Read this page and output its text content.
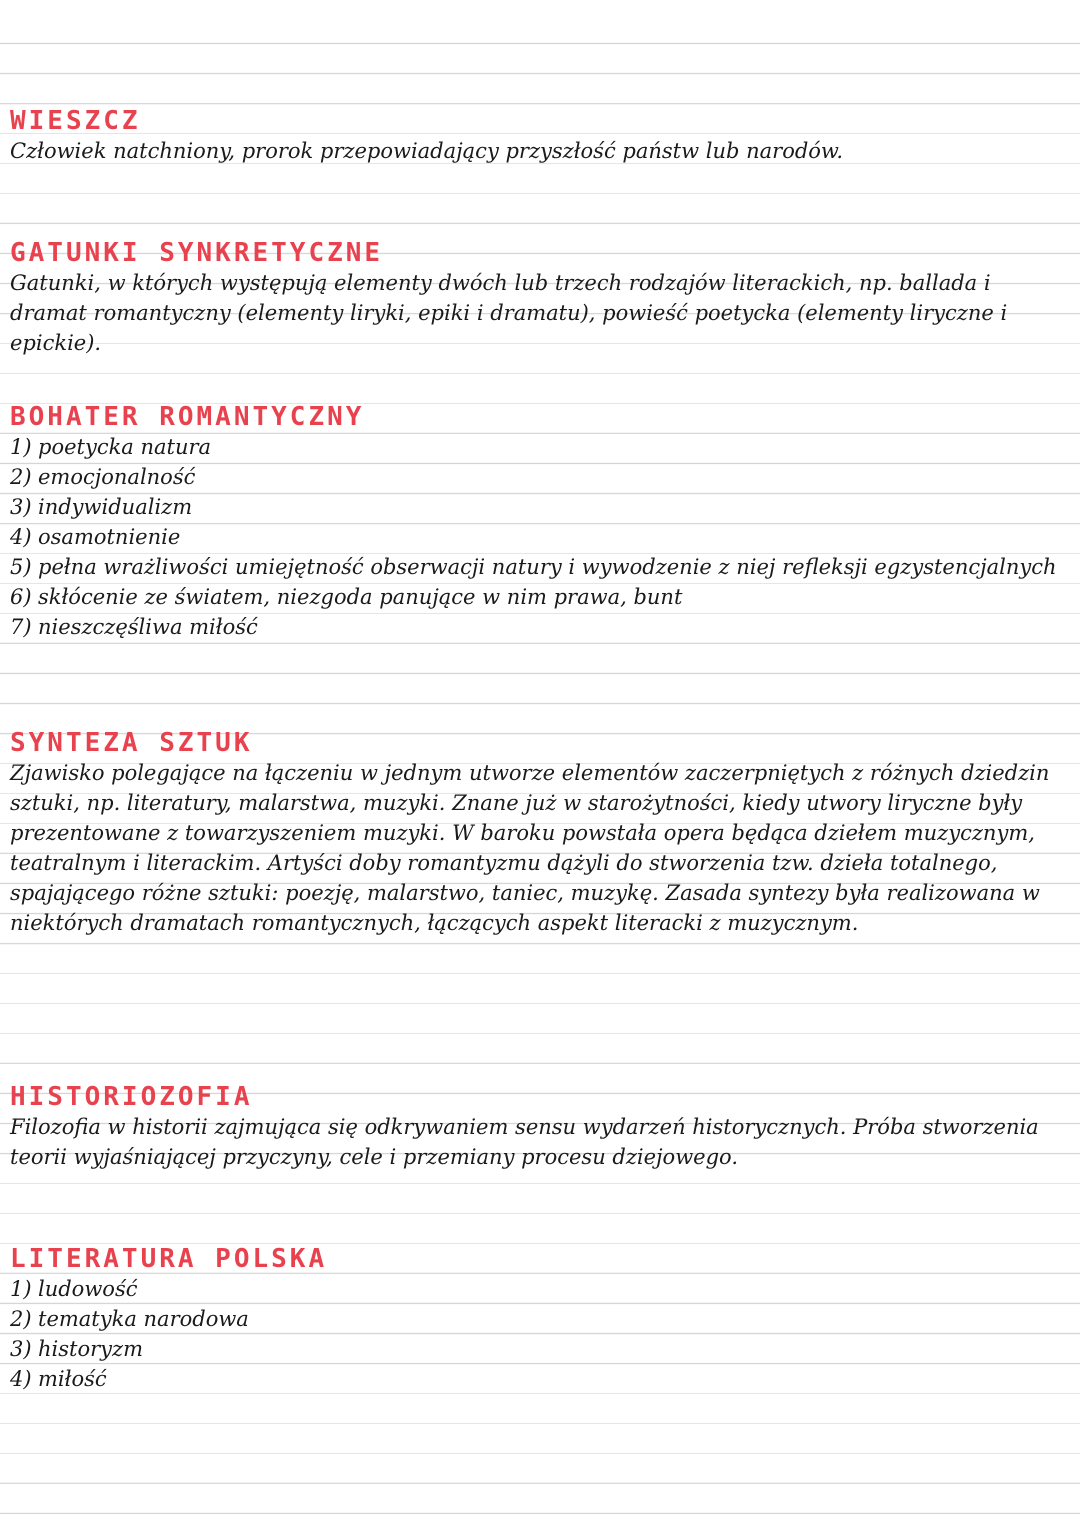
WIESZCZ

Człowiek natchniony, prorok przepowiadający przyszłość państw lub narodów.

GATUNKI SYNKRETYCZNE

Gatunki, w których występują elementy dwóch lub trzech rodzajów literackich, np. ballada i dramat romantyczny (elementy liryki, epiki i dramatu), powieść poetycka (elementy liryczne i epickie).

BOHATER ROMANTYCZNY
1) poetycka natura
2) emocjonalność
3) indywidualizm
4) osamotnienie
5) pełna wrażliwości umiejętność obserwacji natury i wywodzenie z niej refleksji egzystencjalnych
6) skłócenie ze światem, niezgoda panujące w nim prawa, bunt
7) nieszczęśliwa miłość
SYNTEZA SZTUK

Zjawisko polegające na łączeniu w jednym utworze elementów zaczerpniętych z różnych dziedzin sztuki, np. literatury, malarstwa, muzyki. Znane już w starożytności, kiedy utwory liryczne były prezentowane z towarzyszeniem muzyki. W baroku powstała opera będąca dziełem muzycznym, teatralnym i literackim. Artyści doby romantyzmu dążyli do stworzenia tzw. dzieła totalnego, spajającego różne sztuki: poezję, malarstwo, taniec, muzykę. Zasada syntezy była realizowana w niektórych dramatach romantycznych, łączących aspekt literacki z muzycznym.

HISTORIOZOFIA

Filozofia w historii zajmująca się odkrywaniem sensu wydarzeń historycznych. Próba stworzenia teorii wyjaśniającej przyczyny, cele i przemiany procesu dziejowego.

LITERATURA POLSKA
1) ludowość
2) tematyka narodowa
3) historyzm
4) miłość
